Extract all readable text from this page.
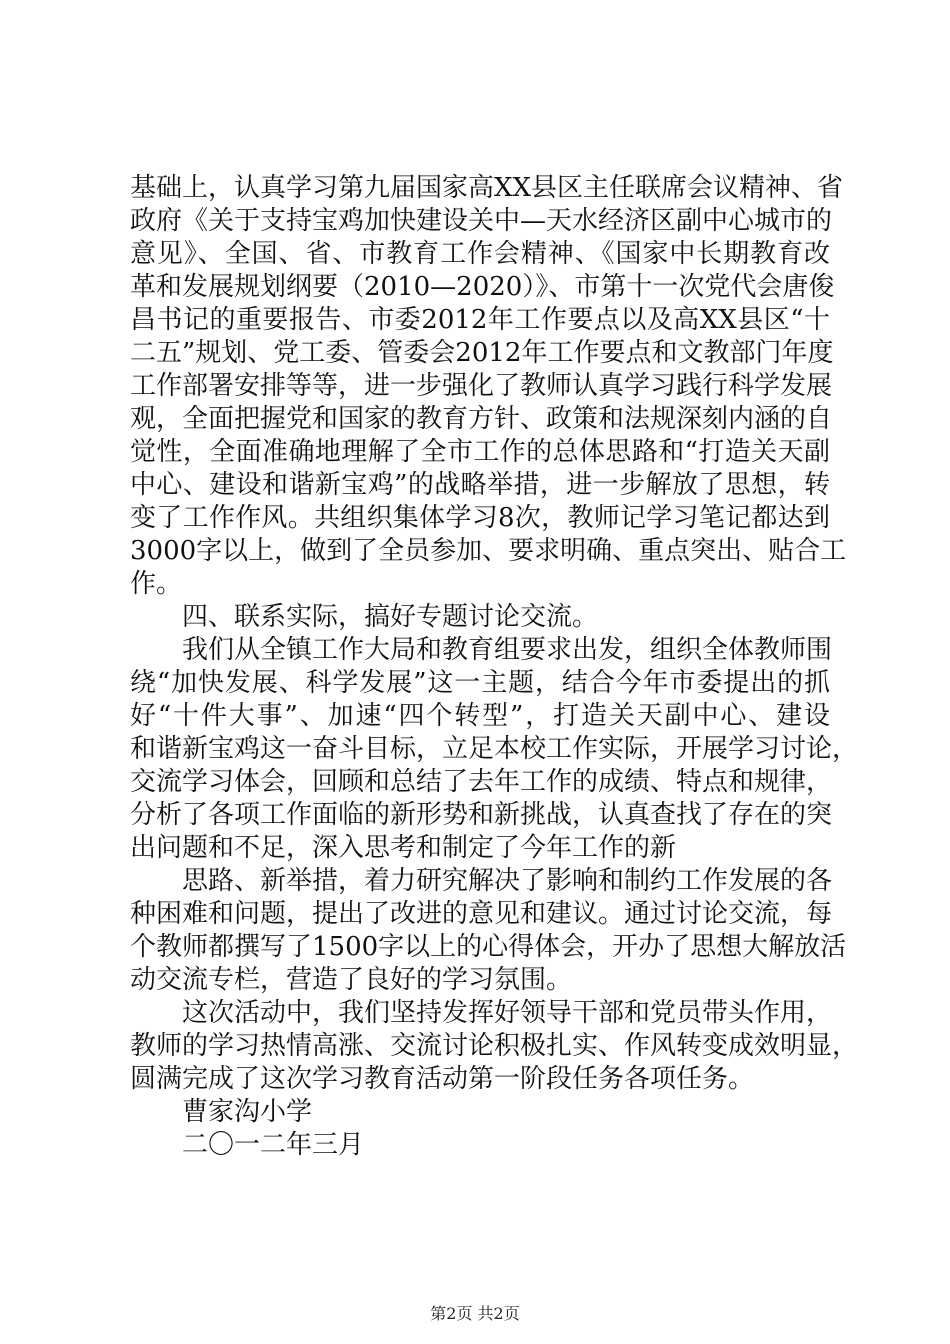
基础上，认真学习第九届国家高XX县区主任联席会议精神、省
政府《关于支持宝鸡加快建设关中—天水经济区副中心城市的
意见》、全国、省、市教育工作会精神、《国家中长期教育改
革和发展规划纲要（2010—2020）》、市第十一次党代会唐俊
昌书记的重要报告、市委2012年工作要点以及高XX县区“十
二五”规划、党工委、管委会2012年工作要点和文教部门年度
工作部署安排等等，进一步强化了教师认真学习践行科学发展
观，全面把握党和国家的教育方针、政策和法规深刻内涵的自
觉性，全面准确地理解了全市工作的总体思路和“打造关天副
中心、建设和谐新宝鸡”的战略举措，进一步解放了思想，转
变了工作作风。共组织集体学习8次，教师记学习笔记都达到
3000字以上，做到了全员参加、要求明确、重点突出、贴合工
作。
四、联系实际，搞好专题讨论交流。
我们从全镇工作大局和教育组要求出发，组织全体教师围
绕“加快发展、科学发展”这一主题，结合今年市委提出的抓
好“十件大事”、加速“四个转型”，打造关天副中心、建设
和谐新宝鸡这一奋斗目标，立足本校工作实际，开展学习讨论，
交流学习体会，回顾和总结了去年工作的成绩、特点和规律，
分析了各项工作面临的新形势和新挑战，认真查找了存在的突
出问题和不足，深入思考和制定了今年工作的新
思路、新举措，着力研究解决了影响和制约工作发展的各
种困难和问题，提出了改进的意见和建议。通过讨论交流，每
个教师都撰写了1500字以上的心得体会，开办了思想大解放活
动交流专栏，营造了良好的学习氛围。
这次活动中，我们坚持发挥好领导干部和党员带头作用，
教师的学习热情高涨、交流讨论积极扎实、作风转变成效明显，
圆满完成了这次学习教育活动第一阶段任务各项任务。
曹家沟小学
二〇一二年三月
第2页 共2页
